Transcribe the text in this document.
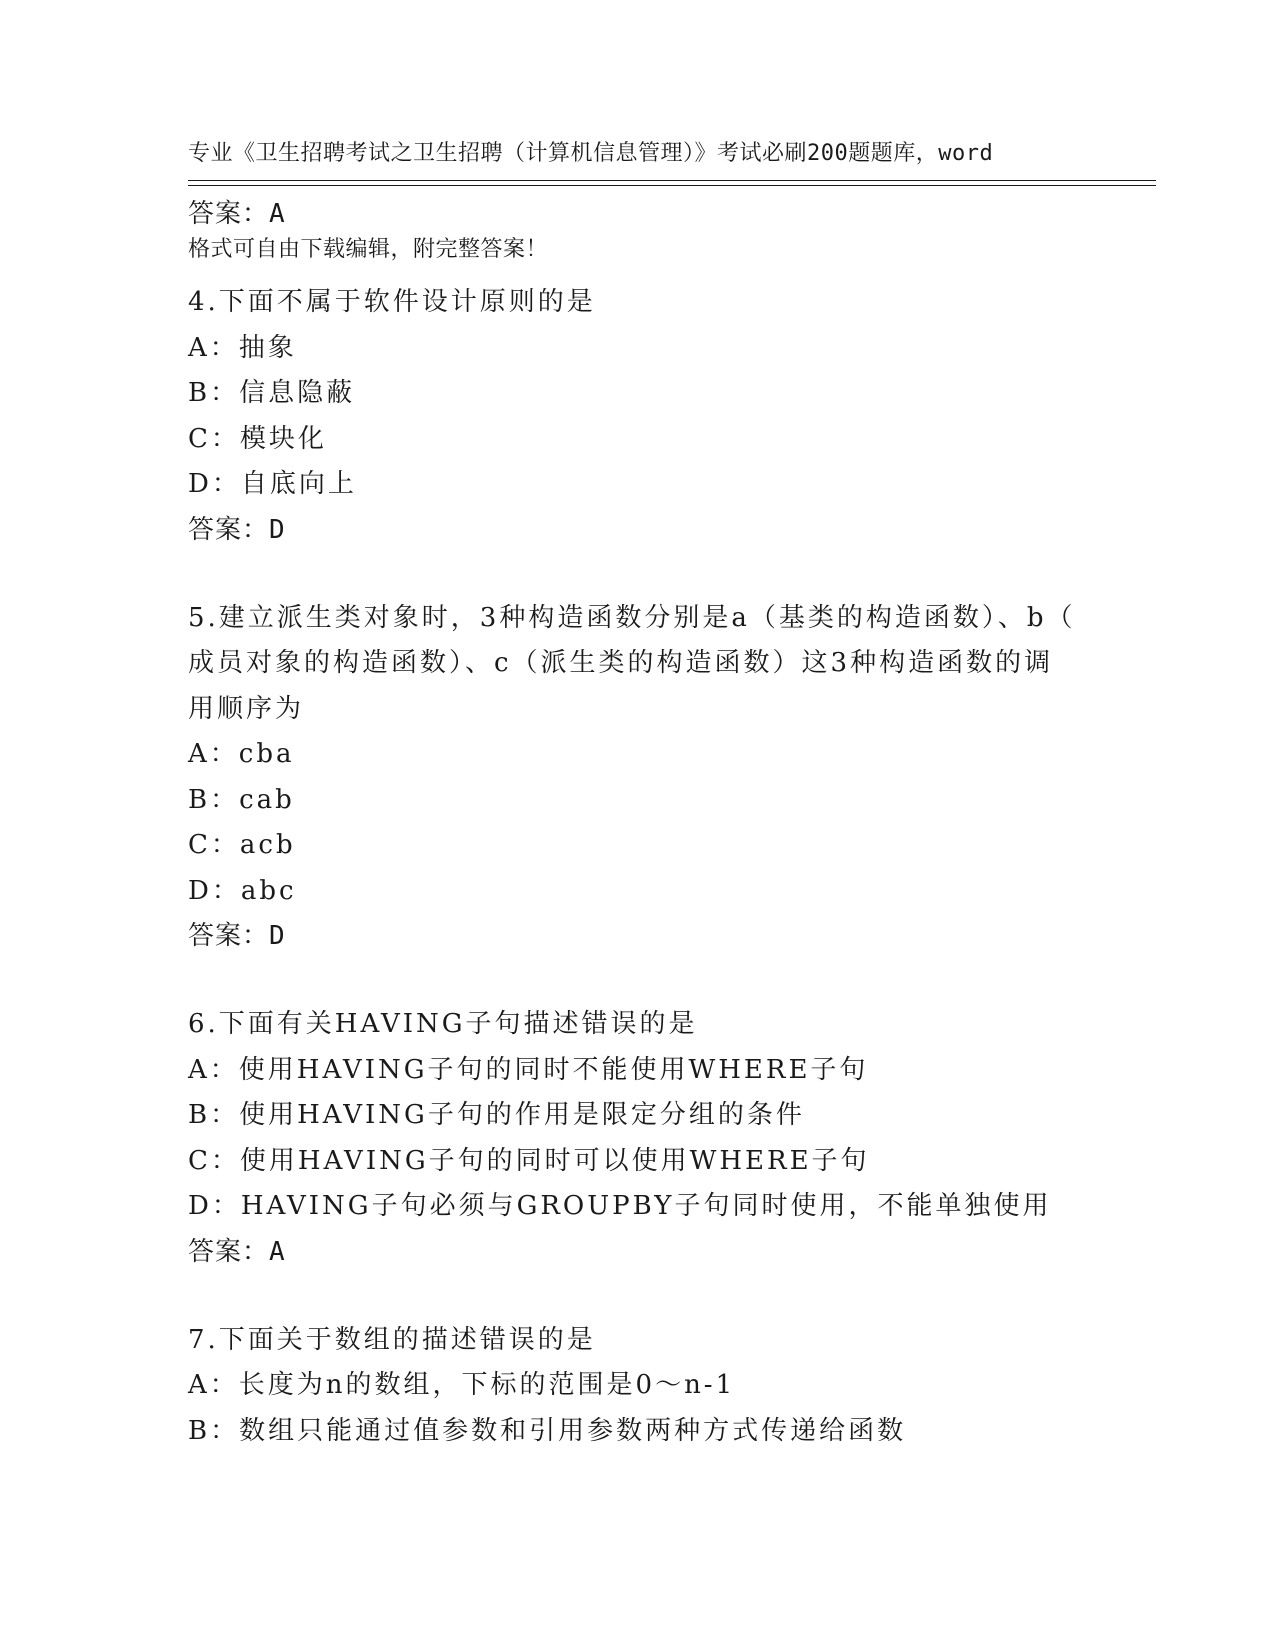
专业《卫生招聘考试之卫生招聘（计算机信息管理）》考试必刷200题题库，word

格式可自由下载编辑，附完整答案！

答案：A
4.下面不属于软件设计原则的是
A：抽象
B：信息隐蔽
C：模块化
D：自底向上
答案：D
5.建立派生类对象时，3种构造函数分别是a（基类的构造函数）、b（
成员对象的构造函数）、c（派生类的构造函数）这3种构造函数的调
用顺序为
A：cba
B：cab
C：acb
D：abc
答案：D
6.下面有关HAVING子句描述错误的是
A：使用HAVING子句的同时不能使用WHERE子句
B：使用HAVING子句的作用是限定分组的条件
C：使用HAVING子句的同时可以使用WHERE子句
D：HAVING子句必须与GROUPBY子句同时使用，不能单独使用
答案：A
7.下面关于数组的描述错误的是
A：长度为n的数组，下标的范围是0～n-1
B：数组只能通过值参数和引用参数两种方式传递给函数
